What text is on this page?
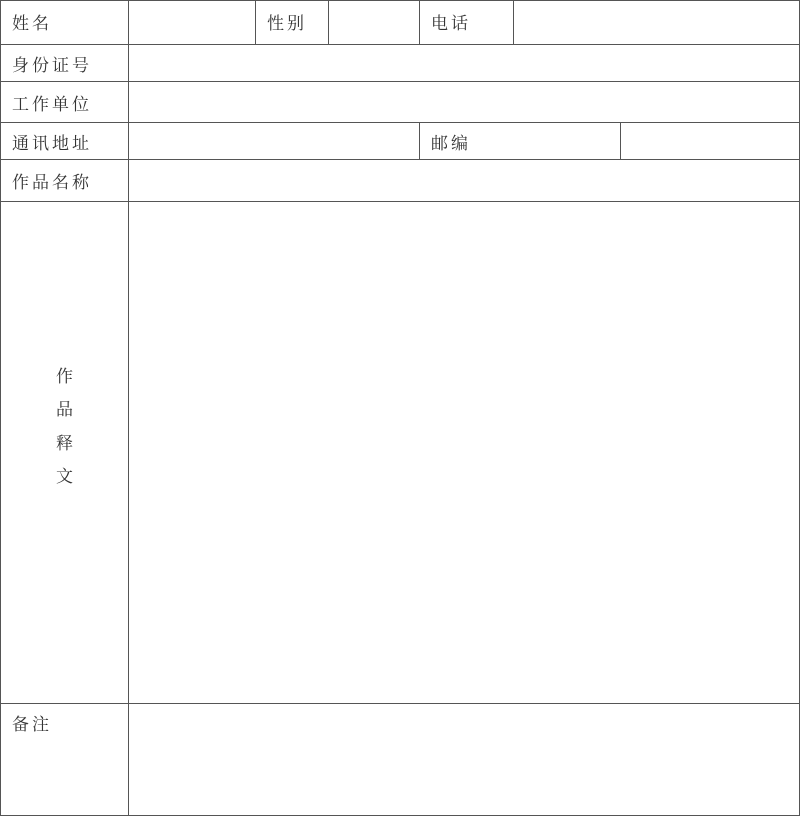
姓名		性别		电话		
身份证号						
工作单位						
通讯地址				邮编		
作品名称						

作
品
释
文						

备注						
